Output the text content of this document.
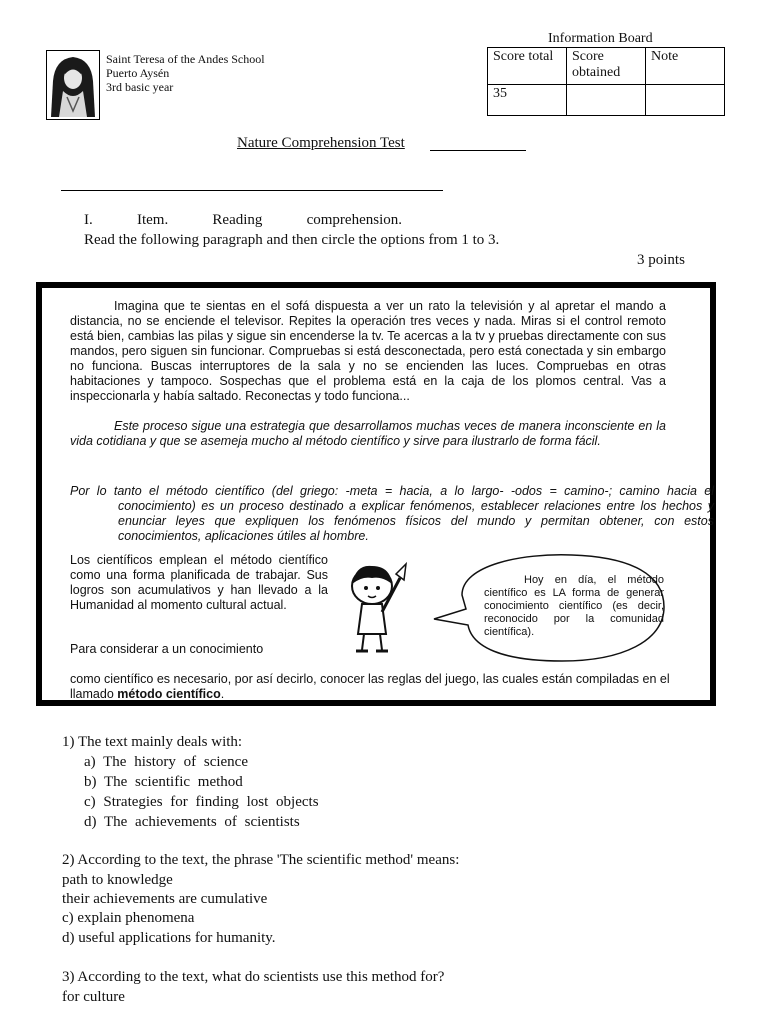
Saint Teresa of the Andes School
Puerto Aysén
3rd basic year
Information Board
Score total	Score obtained	Note
35		
Nature Comprehension Test
I.	Item.	Reading	comprehension.
Read the following paragraph and then circle the options from 1 to 3.
3 points
Imagina que te sientas en el sofá dispuesta a ver un rato la televisión y al apretar el mando a distancia, no se enciende el televisor. Repites la operación tres veces y nada. Miras si el control remoto está bien, cambias las pilas y sigue sin encenderse la tv. Te acercas a la tv y pruebas directamente con sus mandos, pero siguen sin funcionar. Compruebas si está desconectada, pero está conectada y sin embargo no funciona. Buscas interruptores de la sala y no se encienden las luces. Compruebas en otras habitaciones y tampoco. Sospechas que el problema está en la caja de los plomos central. Vas a inspeccionarla y había saltado. Reconectas y todo funciona...
Este proceso sigue una estrategia que desarrollamos muchas veces de manera inconsciente en la vida cotidiana y que se asemeja mucho al método científico y sirve para ilustrarlo de forma fácil.
Por lo tanto el método científico (del griego: -meta = hacia, a lo largo- -odos = camino-; camino hacia el conocimiento) es un proceso destinado a explicar fenómenos, establecer relaciones entre los hechos y enunciar leyes que expliquen los fenómenos físicos del mundo y permitan obtener, con estos conocimientos, aplicaciones útiles al hombre.
Los científicos emplean el método científico como una forma planificada de trabajar. Sus logros son acumulativos y han llevado a la Humanidad al momento cultural actual.
Hoy en día, el método científico es LA forma de generar conocimiento científico (es decir, reconocido por la comunidad científica).
Para considerar a un conocimiento
como científico es necesario, por así decirlo, conocer las reglas del juego, las cuales están compiladas en el llamado método científico.
1) The text mainly deals with:
a) The history of science
b) The scientific method
c) Strategies for finding lost objects
d) The achievements of scientists
2) According to the text, the phrase 'The scientific method' means:
path to knowledge
their achievements are cumulative
c) explain phenomena
d) useful applications for humanity.
3) According to the text, what do scientists use this method for?
for culture
